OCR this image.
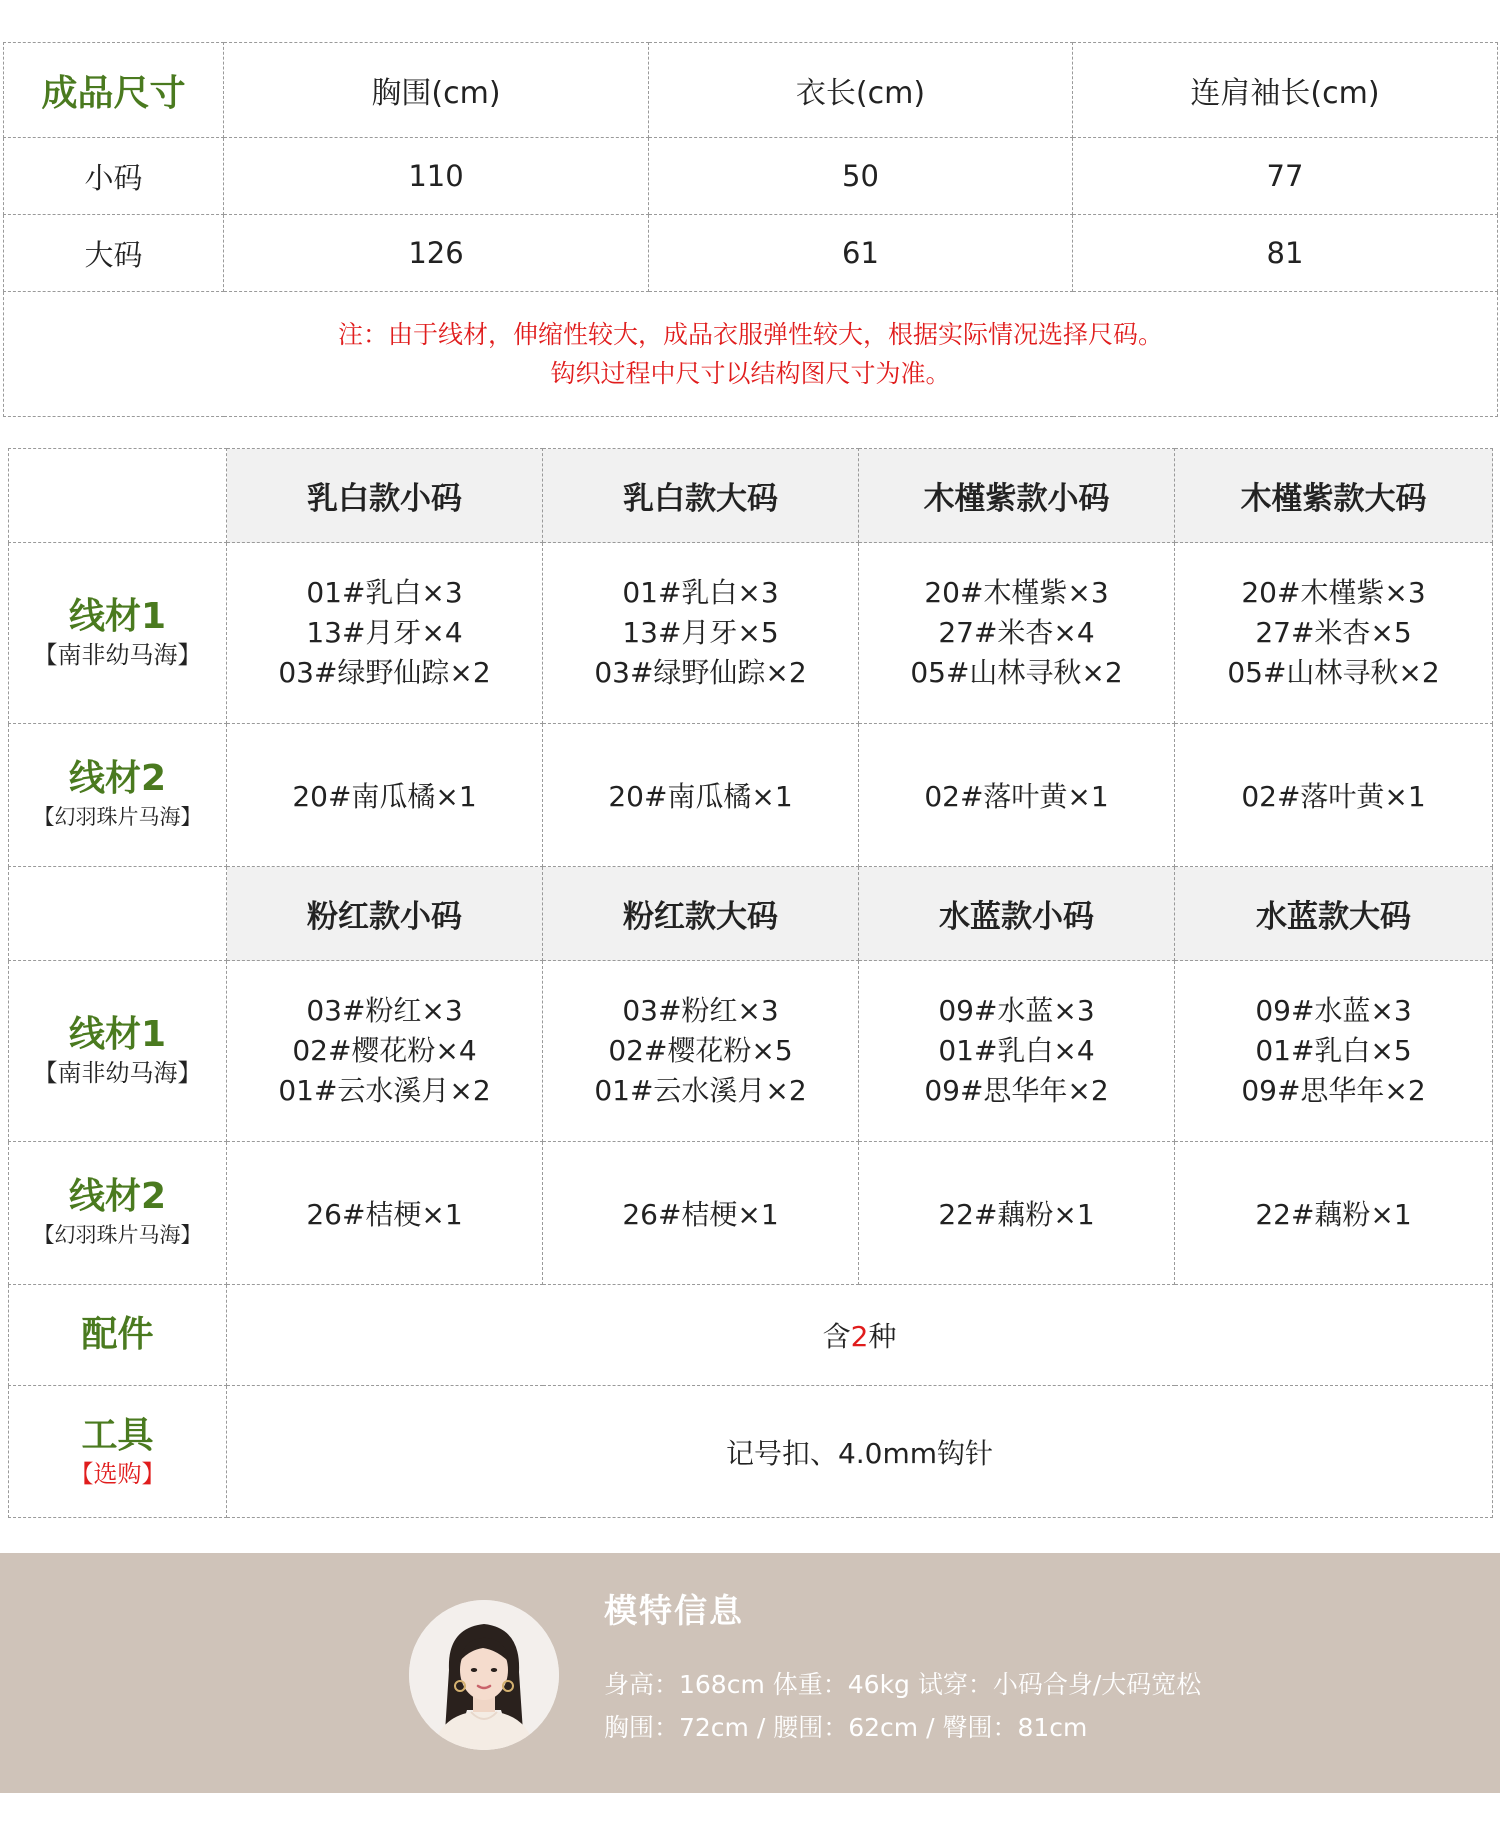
成品尺寸	胸围(cm)	衣长(cm)	连肩袖长(cm)
小码	110	50	77
大码	126	61	81

注：由于线材，伸缩性较大，成品衣服弹性较大，根据实际情况选择尺码。
钩织过程中尺寸以结构图尺寸为准。			
	乳白款小码	乳白款大码	木槿紫款小码	木槿紫款大码

线材1
【南非幼马海】	01#乳白×3
13#月牙×4
03#绿野仙踪×2	01#乳白×3
13#月牙×5
03#绿野仙踪×2	20#木槿紫×3
27#米杏×4
05#山林寻秋×2	20#木槿紫×3
27#米杏×5
05#山林寻秋×2

线材2
【幻羽珠片马海】	20#南瓜橘×1	20#南瓜橘×1	02#落叶黄×1	02#落叶黄×1
	粉红款小码	粉红款大码	水蓝款小码	水蓝款大码

线材1
【南非幼马海】	03#粉红×3
02#樱花粉×4
01#云水溪月×2	03#粉红×3
02#樱花粉×5
01#云水溪月×2	09#水蓝×3
01#乳白×4
09#思华年×2	09#水蓝×3
01#乳白×5
09#思华年×2

线材2
【幻羽珠片马海】	26#桔梗×1	26#桔梗×1	22#藕粉×1	22#藕粉×1

配件	含2种			

工具
【选购】	记号扣、4.0mm钩针			
模特信息
身高：168cm 体重：46kg 试穿：小码合身/大码宽松
胸围：72cm / 腰围：62cm / 臀围：81cm
